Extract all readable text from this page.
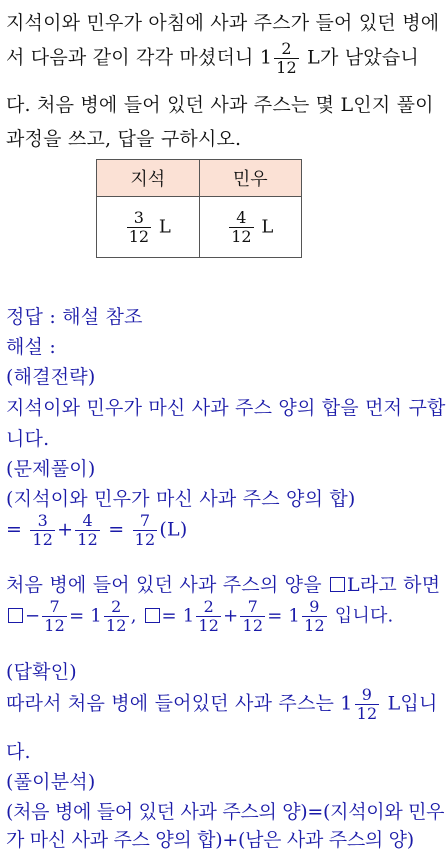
지석이와 민우가 아침에 사과 주스가 들어 있던 병에
서 다음과 같이 각각 마셨더니 $1 \frac{2}{12}$ L가 남았습니
다. 처음 병에 들어 있던 사과 주스는 몇 L인지 풀이
과정을 쓰고, 답을 구하시오.
지석	민우

$\frac{3}{12}$ L	$\frac{4}{12}$ L
정답 : 해설 참조
해설 :
(해결전략)
지석이와 민우가 마신 사과 주스 양의 합을 먼저 구합
니다.
(문제풀이)
(지석이와 민우가 마신 사과 주스 양의 합)
= $\frac{3}{12} + \frac{4}{12} = \frac{7}{12} (L)$
처음 병에 들어 있던 사과 주스의 양을 L라고 하면
− $\frac{7}{12} = 1 \frac{2}{12}$ , = $1 \frac{2}{12} + \frac{7}{12} = 1 \frac{9}{12}$ 입니다.
(답확인)
따라서 처음 병에 들어있던 사과 주스는 $1 \frac{9}{12}$ L입니
다.
(풀이분석)
(처음 병에 들어 있던 사과 주스의 양)=(지석이와 민우
가 마신 사과 주스 양의 합)+(남은 사과 주스의 양)
